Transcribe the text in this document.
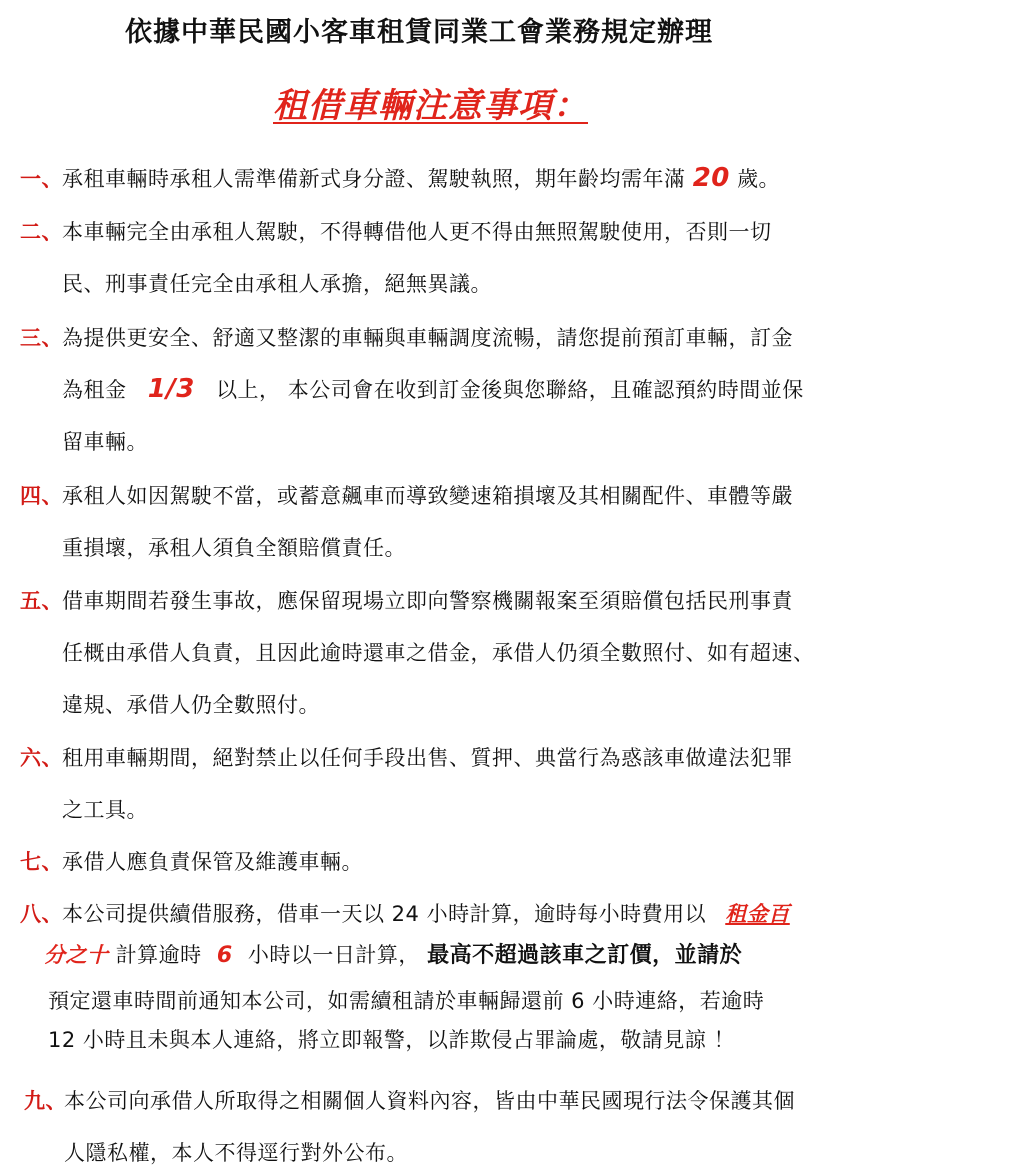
依據中華民國小客車租賃同業工會業務規定辦理
租借車輛注意事項：
一、 承租車輛時承租人需準備新式身分證、駕駛執照，期年齡均需年滿 20 歲。
二、 本車輛完全由承租人駕駛，不得轉借他人更不得由無照駕駛使用，否則一切
民、刑事責任完全由承租人承擔，絕無異議。
三、 為提供更安全、舒適又整潔的車輛與車輛調度流暢，請您提前預訂車輛，訂金
為租金 1/3 以上， 本公司會在收到訂金後與您聯絡，且確認預約時間並保
留車輛。
四、 承租人如因駕駛不當，或蓄意飆車而導致變速箱損壞及其相關配件、車體等嚴
重損壞，承租人須負全額賠償責任。
五、 借車期間若發生事故，應保留現場立即向警察機關報案至須賠償包括民刑事責
任概由承借人負責，且因此逾時還車之借金，承借人仍須全數照付、如有超速、
違規、承借人仍全數照付。
六、 租用車輛期間，絕對禁止以任何手段出售、質押、典當行為惑該車做違法犯罪
之工具。
七、 承借人應負責保管及維護車輛。
八、 本公司提供續借服務，借車一天以 24 小時計算，逾時每小時費用以 租金百
分之十 計算逾時 6 小時以一日計算， 最高不超過該車之訂價，並請於
預定還車時間前通知本公司，如需續租請於車輛歸還前 6 小時連絡，若逾時
12 小時且未與本人連絡，將立即報警，以詐欺侵占罪論處，敬請見諒 ！
九、
本公司向承借人所取得之相關個人資料內容，皆由中華民國現行法令保護其個
人隱私權，本人不得逕行對外公布。
